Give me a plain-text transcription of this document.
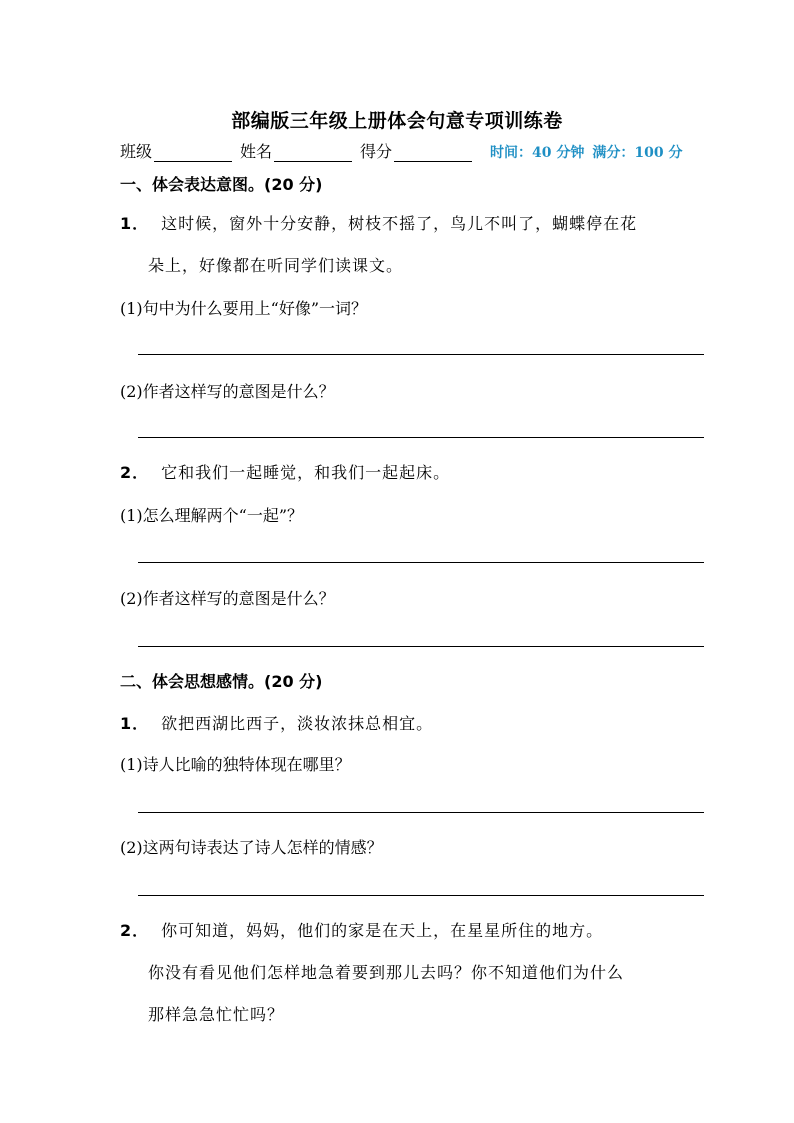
部编版三年级上册体会句意专项训练卷
班级	姓名	得分	时间：40 分钟 满分：100 分
一、体会表达意图。(20 分)
1． 这时候，窗外十分安静，树枝不摇了，鸟儿不叫了，蝴蝶停在花
朵上，好像都在听同学们读课文。
(1)句中为什么要用上“好像”一词？
(2)作者这样写的意图是什么？
2． 它和我们一起睡觉，和我们一起起床。
(1)怎么理解两个“一起”？
(2)作者这样写的意图是什么？
二、体会思想感情。(20 分)
1． 欲把西湖比西子，淡妆浓抹总相宜。
(1)诗人比喻的独特体现在哪里？
(2)这两句诗表达了诗人怎样的情感？
2． 你可知道，妈妈，他们的家是在天上，在星星所住的地方。
你没有看见他们怎样地急着要到那儿去吗？你不知道他们为什么
那样急急忙忙吗？
